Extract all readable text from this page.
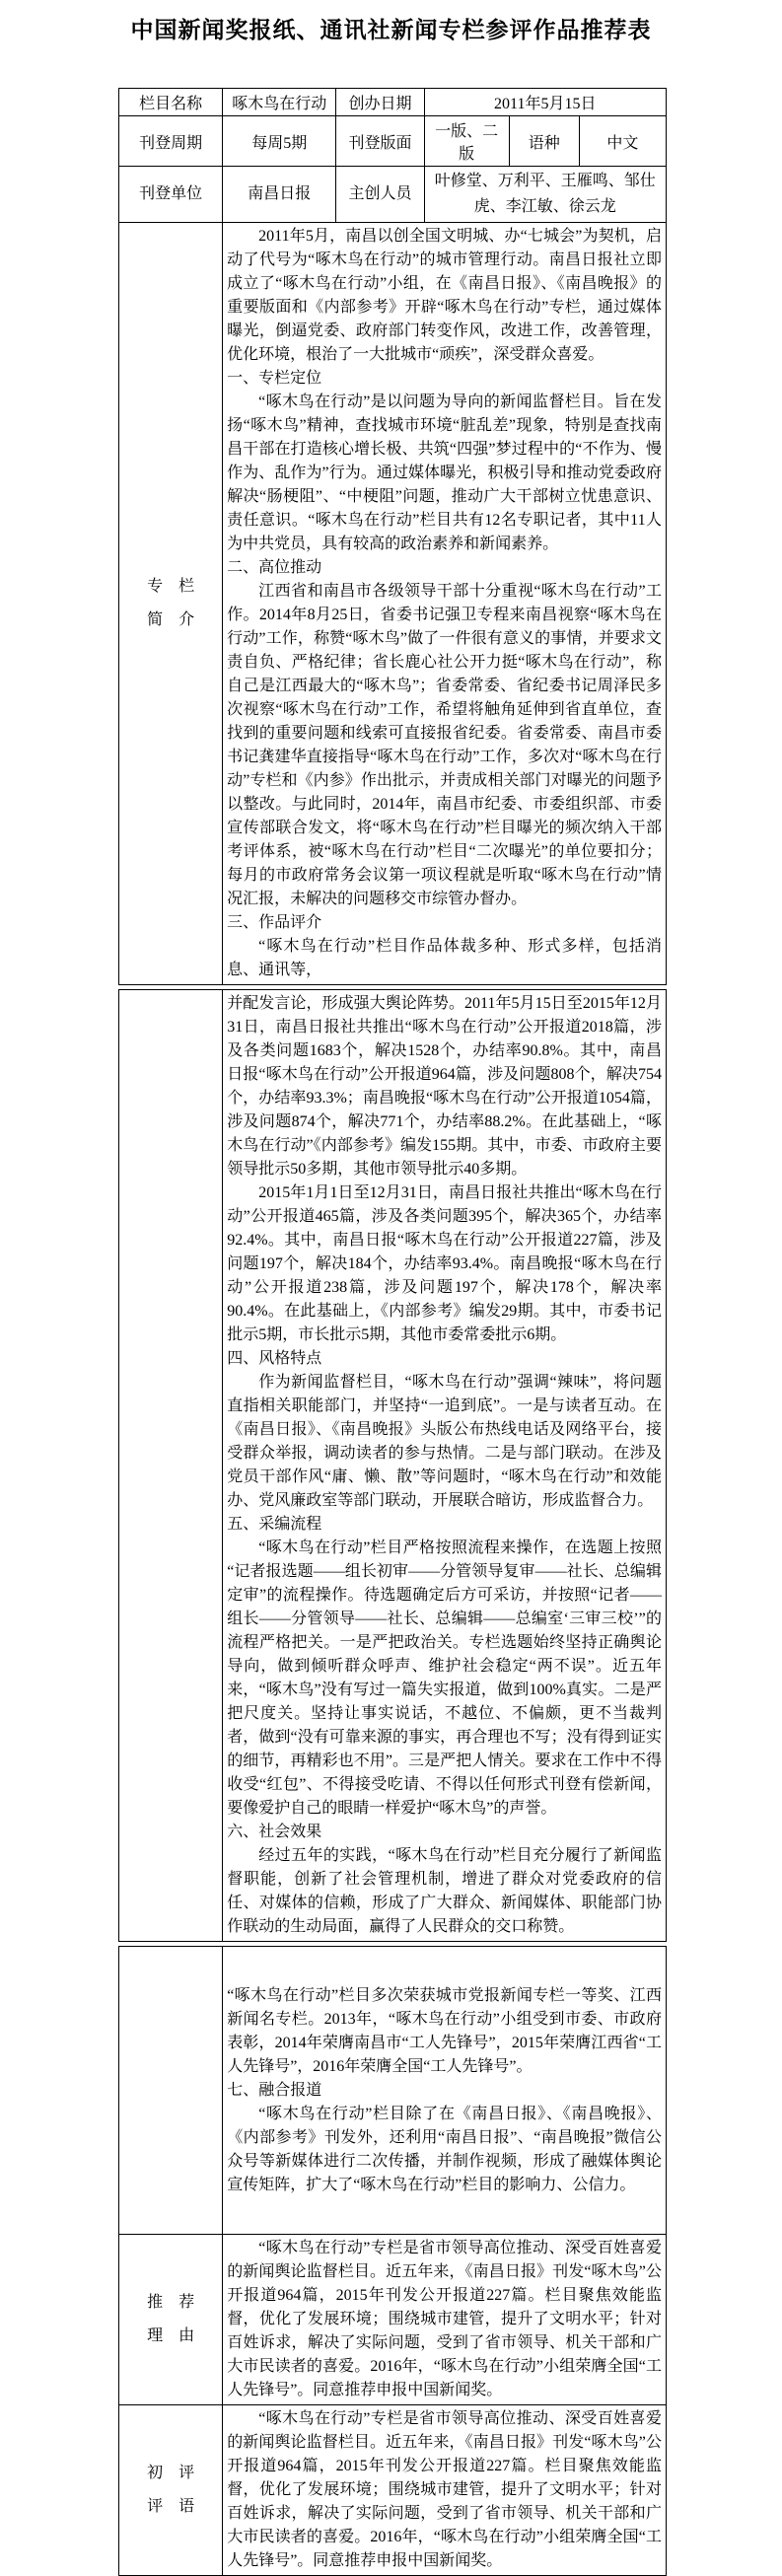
中国新闻奖报纸、通讯社新闻专栏参评作品推荐表
栏目名称	啄木鸟在行动	创办日期	2011年5月15日		
刊登周期	每周5期	刊登版面	一版、二版	语种	中文
刊登单位	南昌日报	主创人员	叶修堂、万利平、王雁鸣、邹仕虎、李江敏、徐云龙		

专　栏
简　介

2011年5月，南昌以创全国文明城、办“七城会”为契机，启动了代号为“啄木鸟在行动”的城市管理行动。南昌日报社立即成立了“啄木鸟在行动”小组，在《南昌日报》、《南昌晚报》的重要版面和《内部参考》开辟“啄木鸟在行动”专栏，通过媒体曝光，倒逼党委、政府部门转变作风，改进工作，改善管理，优化环境，根治了一大批城市“顽疾”，深受群众喜爱。

一、专栏定位

“啄木鸟在行动”是以问题为导向的新闻监督栏目。旨在发扬“啄木鸟”精神，查找城市环境“脏乱差”现象，特别是查找南昌干部在打造核心增长极、共筑“四强”梦过程中的“不作为、慢作为、乱作为”行为。通过媒体曝光，积极引导和推动党委政府解决“肠梗阻”、“中梗阻”问题，推动广大干部树立忧患意识、责任意识。“啄木鸟在行动”栏目共有12名专职记者，其中11人为中共党员，具有较高的政治素养和新闻素养。

二、高位推动

江西省和南昌市各级领导干部十分重视“啄木鸟在行动”工作。2014年8月25日，省委书记强卫专程来南昌视察“啄木鸟在行动”工作，称赞“啄木鸟”做了一件很有意义的事情，并要求文责自负、严格纪律；省长鹿心社公开力挺“啄木鸟在行动”，称自己是江西最大的“啄木鸟”；省委常委、省纪委书记周泽民多次视察“啄木鸟在行动”工作，希望将触角延伸到省直单位，查找到的重要问题和线索可直接报省纪委。省委常委、南昌市委书记龚建华直接指导“啄木鸟在行动”工作，多次对“啄木鸟在行动”专栏和《内参》作出批示，并责成相关部门对曝光的问题予以整改。与此同时，2014年，南昌市纪委、市委组织部、市委宣传部联合发文，将“啄木鸟在行动”栏目曝光的频次纳入干部考评体系，被“啄木鸟在行动”栏目“二次曝光”的单位要扣分；每月的市政府常务会议第一项议程就是听取“啄木鸟在行动”情况汇报，未解决的问题移交市综管办督办。

三、作品评介

“啄木鸟在行动”栏目作品体裁多种、形式多样，包括消息、通讯等，

并配发言论，形成强大舆论阵势。2011年5月15日至2015年12月31日，南昌日报社共推出“啄木鸟在行动”公开报道2018篇，涉及各类问题1683个，解决1528个，办结率90.8%。其中，南昌日报“啄木鸟在行动”公开报道964篇，涉及问题808个，解决754个，办结率93.3%；南昌晚报“啄木鸟在行动”公开报道1054篇，涉及问题874个，解决771个，办结率88.2%。在此基础上，“啄木鸟在行动”《内部参考》编发155期。其中，市委、市政府主要领导批示50多期，其他市领导批示40多期。

2015年1月1日至12月31日，南昌日报社共推出“啄木鸟在行动”公开报道465篇，涉及各类问题395个，解决365个，办结率92.4%。其中，南昌日报“啄木鸟在行动”公开报道227篇，涉及问题197个，解决184个，办结率93.4%。南昌晚报“啄木鸟在行动”公开报道238篇，涉及问题197个，解决178个，解决率90.4%。在此基础上，《内部参考》编发29期。其中，市委书记批示5期，市长批示5期，其他市委常委批示6期。

四、风格特点

作为新闻监督栏目，“啄木鸟在行动”强调“辣味”，将问题直指相关职能部门，并坚持“一追到底”。一是与读者互动。在《南昌日报》、《南昌晚报》头版公布热线电话及网络平台，接受群众举报，调动读者的参与热情。二是与部门联动。在涉及党员干部作风“庸、懒、散”等问题时，“啄木鸟在行动”和效能办、党风廉政室等部门联动，开展联合暗访，形成监督合力。

五、采编流程

“啄木鸟在行动”栏目严格按照流程来操作，在选题上按照“记者报选题——组长初审——分管领导复审——社长、总编辑定审”的流程操作。待选题确定后方可采访，并按照“记者——组长——分管领导——社长、总编辑——总编室‘三审三校’”的流程严格把关。一是严把政治关。专栏选题始终坚持正确舆论导向，做到倾听群众呼声、维护社会稳定“两不误”。近五年来，“啄木鸟”没有写过一篇失实报道，做到100%真实。二是严把尺度关。坚持让事实说话，不越位、不偏颇，更不当裁判者，做到“没有可靠来源的事实，再合理也不写；没有得到证实的细节，再精彩也不用”。三是严把人情关。要求在工作中不得收受“红包”、不得接受吃请、不得以任何形式刊登有偿新闻，要像爱护自己的眼睛一样爱护“啄木鸟”的声誉。

六、社会效果

经过五年的实践，“啄木鸟在行动”栏目充分履行了新闻监督职能，创新了社会管理机制，增进了群众对党委政府的信任、对媒体的信赖，形成了广大群众、新闻媒体、职能部门协作联动的生动局面，赢得了人民群众的交口称赞。

	“啄木鸟在行动”栏目多次荣获城市党报新闻专栏一等奖、江西新闻名专栏。2013年，“啄木鸟在行动”小组受到市委、市政府表彰，2014年荣膺南昌市“工人先锋号”，2015年荣膺江西省“工人先锋号”，2016年荣膺全国“工人先锋号”。

七、融合报道

“啄木鸟在行动”栏目除了在《南昌日报》、《南昌晚报》、《内部参考》刊发外，还利用“南昌日报”、“南昌晚报”微信公众号等新媒体进行二次传播，并制作视频，形成了融媒体舆论宣传矩阵，扩大了“啄木鸟在行动”栏目的影响力、公信力。

推　荐
理　由	“啄木鸟在行动”专栏是省市领导高位推动、深受百姓喜爱的新闻舆论监督栏目。近五年来，《南昌日报》刊发“啄木鸟”公开报道964篇，2015年刊发公开报道227篇。栏目聚焦效能监督，优化了发展环境；围绕城市建管，提升了文明水平；针对百姓诉求，解决了实际问题，受到了省市领导、机关干部和广大市民读者的喜爱。2016年，“啄木鸟在行动”小组荣膺全国“工人先锋号”。同意推荐申报中国新闻奖。

初　评
评　语	“啄木鸟在行动”专栏是省市领导高位推动、深受百姓喜爱的新闻舆论监督栏目。近五年来，《南昌日报》刊发“啄木鸟”公开报道964篇，2015年刊发公开报道227篇。栏目聚焦效能监督，优化了发展环境；围绕城市建管，提升了文明水平；针对百姓诉求，解决了实际问题，受到了省市领导、机关干部和广大市民读者的喜爱。2016年，“啄木鸟在行动”小组荣膺全国“工人先锋号”。同意推荐申报中国新闻奖。
